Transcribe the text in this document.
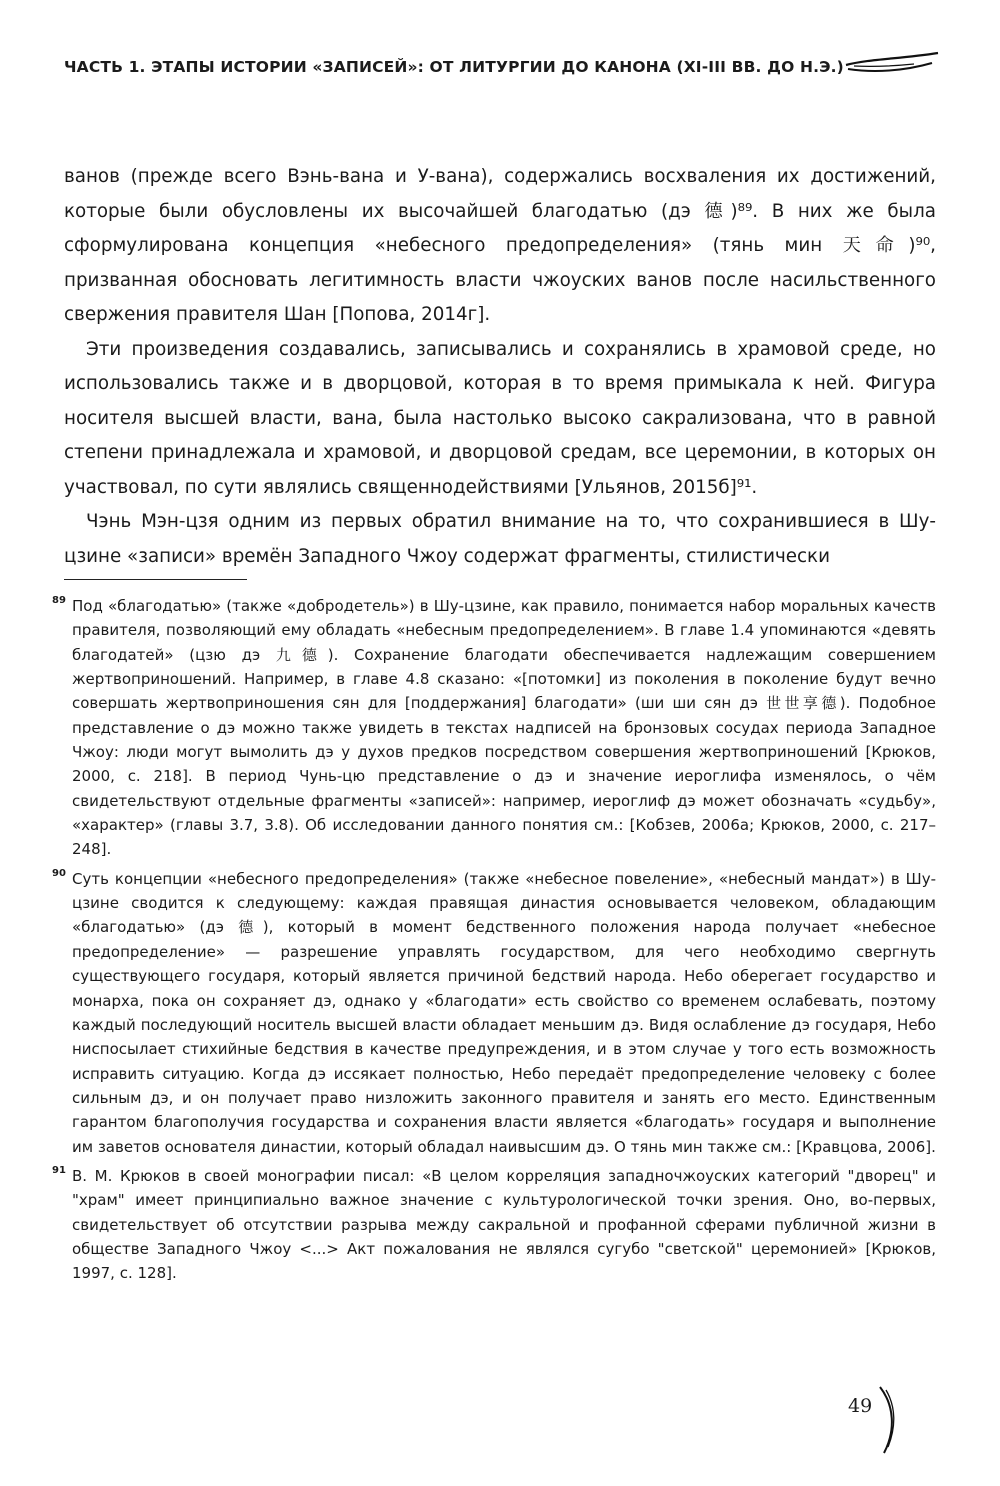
ЧАСТЬ 1. ЭТАПЫ ИСТОРИИ «ЗАПИСЕЙ»: ОТ ЛИТУРГИИ ДО КАНОНА (XI-III ВВ. ДО Н.Э.)

ванов (прежде всего Вэнь-вана и У-вана), содержались восхваления их достижений, которые были обусловлены их высочайшей благодатью (дэ 德)⁸⁹. В них же была сформулирована концепция «небесного предопределения» (тянь мин 天命)⁹⁰, призванная обосновать легитимность власти чжоуских ванов после насильственного свержения правителя Шан [Попова, 2014г].

Эти произведения создавались, записывались и сохранялись в храмовой среде, но использовались также и в дворцовой, которая в то время примыкала к ней. Фигура носителя высшей власти, вана, была настолько высоко сакрализована, что в равной степени принадлежала и храмовой, и дворцовой средам, все церемонии, в которых он участвовал, по сути являлись священнодействиями [Ульянов, 2015б]⁹¹.

Чэнь Мэн-цзя одним из первых обратил внимание на то, что сохранившиеся в Шу-цзине «записи» времён Западного Чжоу содержат фрагменты, стилистически

89 Под «благодатью» (также «добродетель») в Шу-цзине, как правило, понимается набор моральных качеств правителя, позволяющий ему обладать «небесным предопределением». В главе 1.4 упоминаются «девять благодатей» (цзю дэ 九德). Сохранение благодати обеспечивается надлежащим совершением жертвоприношений. Например, в главе 4.8 сказано: «[потомки] из поколения в поколение будут вечно совершать жертвоприношения сян для [поддержания] благодати» (ши ши сян дэ 世世享德). Подобное представление о дэ можно также увидеть в текстах надписей на бронзовых сосудах периода Западное Чжоу: люди могут вымолить дэ у духов предков посредством совершения жертвоприношений [Крюков, 2000, с. 218]. В период Чунь-цю представление о дэ и значение иероглифа изменялось, о чём свидетельствуют отдельные фрагменты «записей»: например, иероглиф дэ может обозначать «судьбу», «характер» (главы 3.7, 3.8). Об исследовании данного понятия см.: [Кобзев, 2006а; Крюков, 2000, с. 217–248].
90 Суть концепции «небесного предопределения» (также «небесное повеление», «небесный мандат») в Шу-цзине сводится к следующему: каждая правящая династия основывается человеком, обладающим «благодатью» (дэ 德), который в момент бедственного положения народа получает «небесное предопределение» — разрешение управлять государством, для чего необходимо свергнуть существующего государя, который является причиной бедствий народа. Небо оберегает государство и монарха, пока он сохраняет дэ, однако у «благодати» есть свойство со временем ослабевать, поэтому каждый последующий носитель высшей власти обладает меньшим дэ. Видя ослабление дэ государя, Небо ниспосылает стихийные бедствия в качестве предупреждения, и в этом случае у того есть возможность исправить ситуацию. Когда дэ иссякает полностью, Небо передаёт предопределение человеку с более сильным дэ, и он получает право низложить законного правителя и занять его место. Единственным гарантом благополучия государства и сохранения власти является «благодать» государя и выполнение им заветов основателя династии, который обладал наивысшим дэ. О тянь мин также см.: [Кравцова, 2006].
91 В. М. Крюков в своей монографии писал: «В целом корреляция западночжоуских категорий "дворец" и "храм" имеет принципиально важное значение с культурологической точки зрения. Оно, во-первых, свидетельствует об отсутствии разрыва между сакральной и профанной сферами публичной жизни в обществе Западного Чжоу <...> Акт пожалования не являлся сугубо "светской" церемонией» [Крюков, 1997, с. 128].
49
